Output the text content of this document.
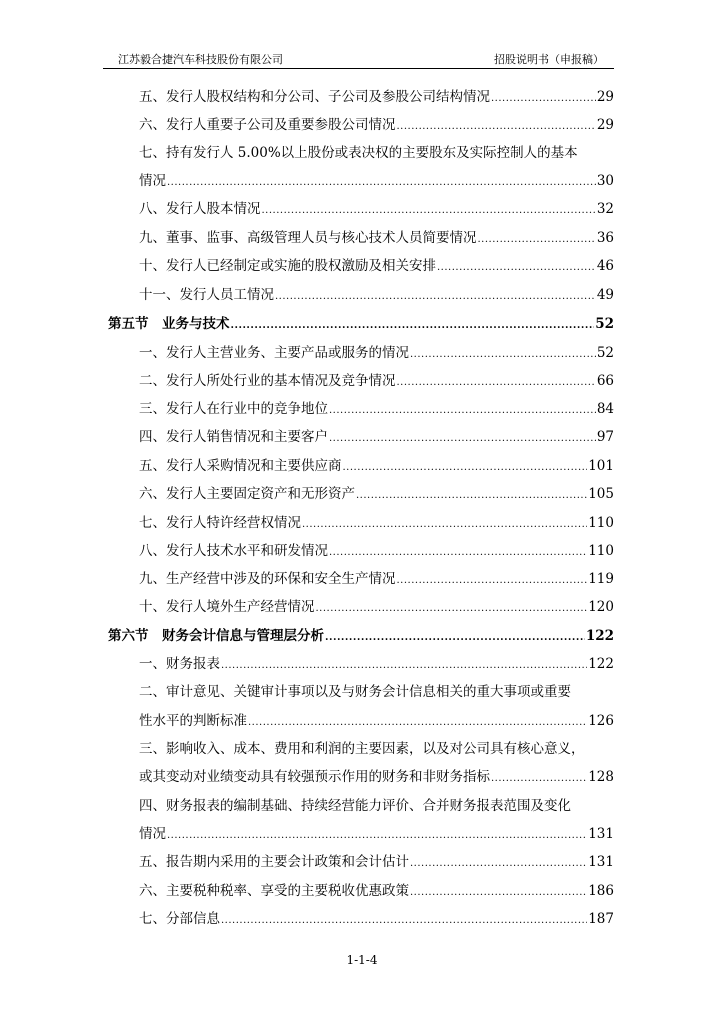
江苏毅合捷汽车科技股份有限公司	招股说明书（申报稿）
五、发行人股权结构和分公司、子公司及参股公司结构情况 .....	29
六、发行人重要子公司及重要参股公司情况 .....	29
七、持有发行人 5.00%以上股份或表决权的主要股东及实际控制人的基本
情况 .....	30
八、发行人股本情况 .....	32
九、董事、监事、高级管理人员与核心技术人员简要情况 .....	36
十、发行人已经制定或实施的股权激励及相关安排 .....	46
十一、发行人员工情况 .....	49
第五节　业务与技术 .....	52
一、发行人主营业务、主要产品或服务的情况 .....	52
二、发行人所处行业的基本情况及竞争情况 .....	66
三、发行人在行业中的竞争地位 .....	84
四、发行人销售情况和主要客户 .....	97
五、发行人采购情况和主要供应商 .....	101
六、发行人主要固定资产和无形资产 .....	105
七、发行人特许经营权情况 .....	110
八、发行人技术水平和研发情况 .....	110
九、生产经营中涉及的环保和安全生产情况 .....	119
十、发行人境外生产经营情况 .....	120
第六节　财务会计信息与管理层分析 .....	122
一、财务报表 .....	122
二、审计意见、关键审计事项以及与财务会计信息相关的重大事项或重要
性水平的判断标准 .....	126
三、影响收入、成本、费用和利润的主要因素，以及对公司具有核心意义，
或其变动对业绩变动具有较强预示作用的财务和非财务指标 .....	128
四、财务报表的编制基础、持续经营能力评价、合并财务报表范围及变化
情况 .....	131
五、报告期内采用的主要会计政策和会计估计 .....	131
六、主要税种税率、享受的主要税收优惠政策 .....	186
七、分部信息 .....	187
1-1-4
